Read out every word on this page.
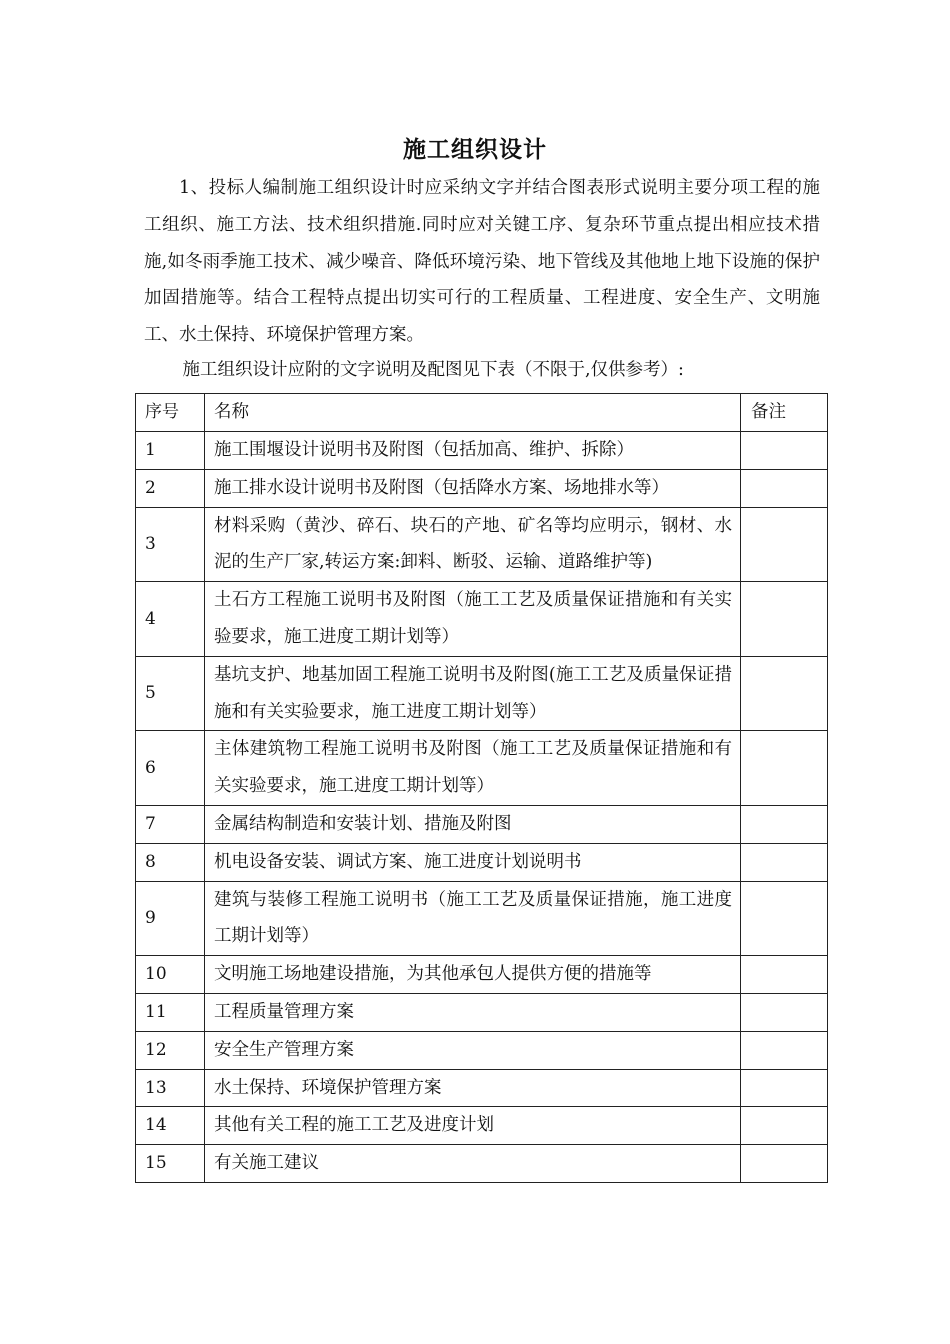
施工组织设计
1、投标人编制施工组织设计时应采纳文字并结合图表形式说明主要分项工程的施工组织、施工方法、技术组织措施.同时应对关键工序、复杂环节重点提出相应技术措施,如冬雨季施工技术、减少噪音、降低环境污染、地下管线及其他地上地下设施的保护加固措施等。结合工程特点提出切实可行的工程质量、工程进度、安全生产、文明施工、水土保持、环境保护管理方案。
施工组织设计应附的文字说明及配图见下表（不限于,仅供参考）:
序号	名称	备注
1	施工围堰设计说明书及附图（包括加高、维护、拆除）	
2	施工排水设计说明书及附图（包括降水方案、场地排水等）	
3	材料采购（黄沙、碎石、块石的产地、矿名等均应明示，钢材、水泥的生产厂家,转运方案:卸料、断驳、运输、道路维护等)	
4	土石方工程施工说明书及附图（施工工艺及质量保证措施和有关实验要求，施工进度工期计划等）	
5	基坑支护、地基加固工程施工说明书及附图(施工工艺及质量保证措施和有关实验要求，施工进度工期计划等）	
6	主体建筑物工程施工说明书及附图（施工工艺及质量保证措施和有关实验要求，施工进度工期计划等）	
7	金属结构制造和安装计划、措施及附图	
8	机电设备安装、调试方案、施工进度计划说明书	
9	建筑与装修工程施工说明书（施工工艺及质量保证措施，施工进度工期计划等）	
10	文明施工场地建设措施，为其他承包人提供方便的措施等	
11	工程质量管理方案	
12	安全生产管理方案	
13	水土保持、环境保护管理方案	
14	其他有关工程的施工工艺及进度计划	
15	有关施工建议	
